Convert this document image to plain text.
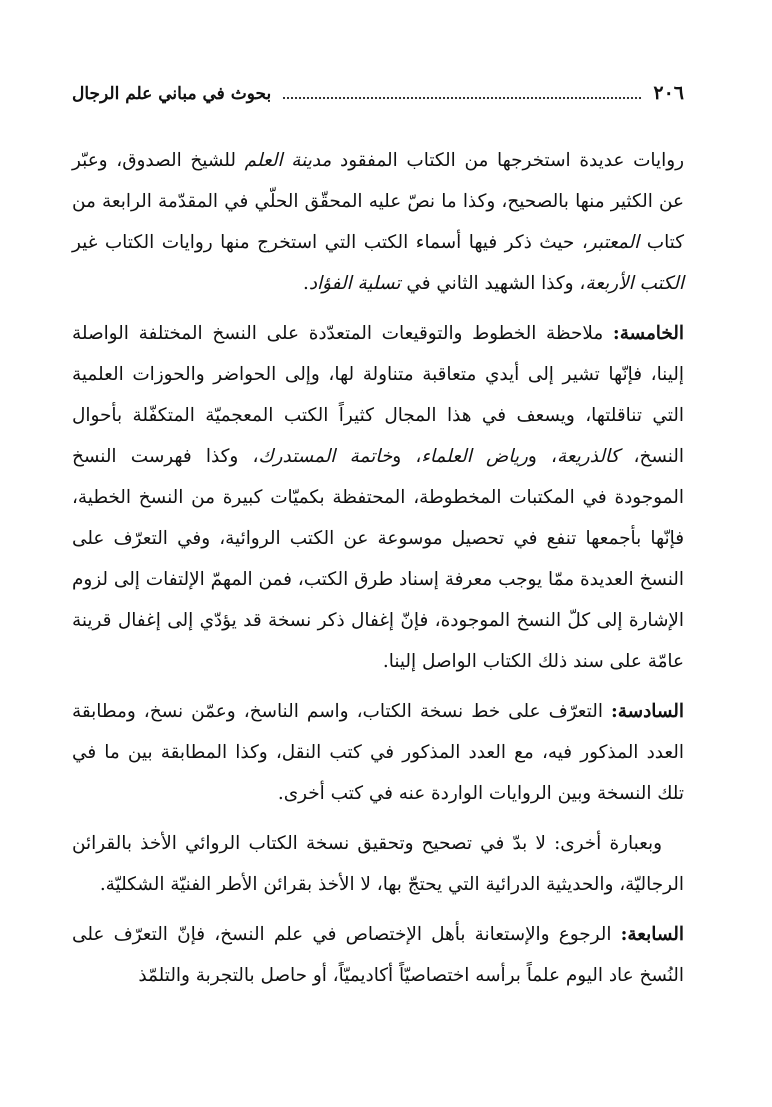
٢٠٦
بحوث في مباني علم الرجال

روايات عديدة استخرجها من الكتاب المفقود مدينة العلم للشيخ الصدوق، وعبّر عن الكثير منها بالصحيح، وكذا ما نصّ عليه المحقّق الحلّي في المقدّمة الرابعة من كتاب المعتبر، حيث ذكر فيها أسماء الكتب التي استخرج منها روايات الكتاب غير الكتب الأربعة، وكذا الشهيد الثاني في تسلية الفؤاد.

الخامسة: ملاحظة الخطوط والتوقيعات المتعدّدة على النسخ المختلفة الواصلة إلينا، فإنّها تشير إلى أيدي متعاقبة متناولة لها، وإلى الحواضر والحوزات العلمية التي تناقلتها، ويسعف في هذا المجال كثيراً الكتب المعجميّة المتكفّلة بأحوال النسخ، كالذريعة، ورياض العلماء، وخاتمة المستدرك، وكذا فهرست النسخ الموجودة في المكتبات المخطوطة، المحتفظة بكميّات كبيرة من النسخ الخطية، فإنّها بأجمعها تنفع في تحصيل موسوعة عن الكتب الروائية، وفي التعرّف على النسخ العديدة ممّا يوجب معرفة إسناد طرق الكتب، فمن المهمّ الإلتفات إلى لزوم الإشارة إلى كلّ النسخ الموجودة، فإنّ إغفال ذكر نسخة قد يؤدّي إلى إغفال قرينة عامّة على سند ذلك الكتاب الواصل إلينا.

السادسة: التعرّف على خط نسخة الكتاب، واسم الناسخ، وعمّن نسخ، ومطابقة العدد المذكور فيه، مع العدد المذكور في كتب النقل، وكذا المطابقة بين ما في تلك النسخة وبين الروايات الواردة عنه في كتب أخرى.

وبعبارة أخرى: لا بدّ في تصحيح وتحقيق نسخة الكتاب الروائي الأخذ بالقرائن الرجاليّة، والحديثية الدرائية التي يحتجّ بها، لا الأخذ بقرائن الأطر الفنيّة الشكليّة.

السابعة: الرجوع والإستعانة بأهل الإختصاص في علم النسخ، فإنّ التعرّف على النُسخ عاد اليوم علماً برأسه اختصاصيّاً أكاديميّاً، أو حاصل بالتجربة والتلمّذ
